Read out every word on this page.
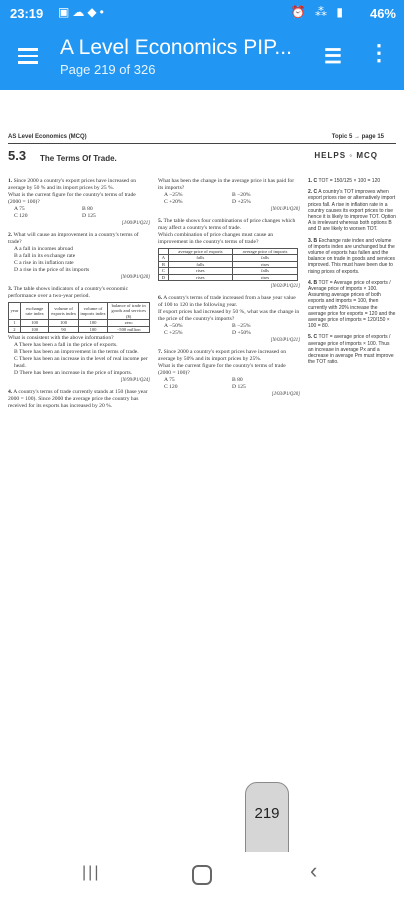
23:19 ▣☁◆•	⏰ ⁂ ▮ 46%
A Level Economics PIP...
Page 219 of 326
☰ ⋮
AS Level Economics (MCQ)	Topic 5 → page 15
5.3 The Terms Of Trade.	HELPS ◦ MCQ
1. Since 2000 a country's export prices have increased on average by 50 % and its import prices by 25 %.
What is the current figure for the country's terms of trade (2000 = 100)?
A 75	B 80
C 120	D 125
[J/00/P1/Q21]
2. What will cause an improvement in a country's terms of trade?
A a fall in incomes abroad
B a fall in its exchange rate
C a rise in its inflation rate
D a rise in the price of its imports
[N/00/P1/Q20]
3. The table shows indicators of a country's economic performance over a two-year period.
year	exchange rate index	volume of exports index	volume of imports index	balance of trade in goods and services ($)
1	100	100	100	zero
2	100	90	100	−500 million
What is consistent with the above information?
A There has been a fall in the price of exports.
B There has been an improvement in the terms of trade.
C There has been an increase in the level of real income per head.
D There has been an increase in the price of imports.
[N/99/P1/Q24]
4. A country's terms of trade currently stands at 150 (base year 2000 = 100). Since 2000 the average price the country has received for its exports has increased by 20 %.
What has been the change in the average price it has paid for its imports?
A −25%	B −20%
C +20%	D +25%
[N/01/P1/Q20]
5. The table shows four combinations of price changes which may affect a country's terms of trade.
Which combination of price changes must cause an improvement in the country's terms of trade?
	average price of exports	average price of imports
A	falls	falls
B	falls	rises
C	rises	falls
D	rises	rises
[N/02/P1/Q21]
6. A country's terms of trade increased from a base year value of 100 to 120 in the following year.
If export prices had increased by 50 %, what was the change in the price of the country's imports?
A −50%	B −25%
C +25%	D +50%
[N/03/P1/Q21]
7. Since 2000 a country's export prices have increased on average by 50% and its import prices by 25%.
What is the current figure for the country's terms of trade (2000 = 100)?
A 75	B 80
C 120	D 125
[J/03/P1/Q20]
1. C TOT = 150/125 × 100 = 120
2. C A country's TOT improves when export prices rise or alternatively import prices fall. A rise in inflation rate in a country causes its export prices to rise hence it is likely to improve TOT. Option A is irrelevant whereas both options B and D are likely to worsen TOT.
3. B Exchange rate index and volume of imports index are unchanged but the volume of exports has fallen and the balance on trade in goods and services improved. This must have been due to rising prices of exports.
4. B TOT = Average price of exports / Average price of imports × 100. Assuming average prices of both exports and imports = 100, then currently with 20% increase the average price for exports = 120 and the average price of imports = 120/150 × 100 = 80.
5. C TOT = average price of exports / average price of imports × 100. Thus an increase in average Px and a decrease in average Pm must improve the TOT ratio.
219
|||	‹
